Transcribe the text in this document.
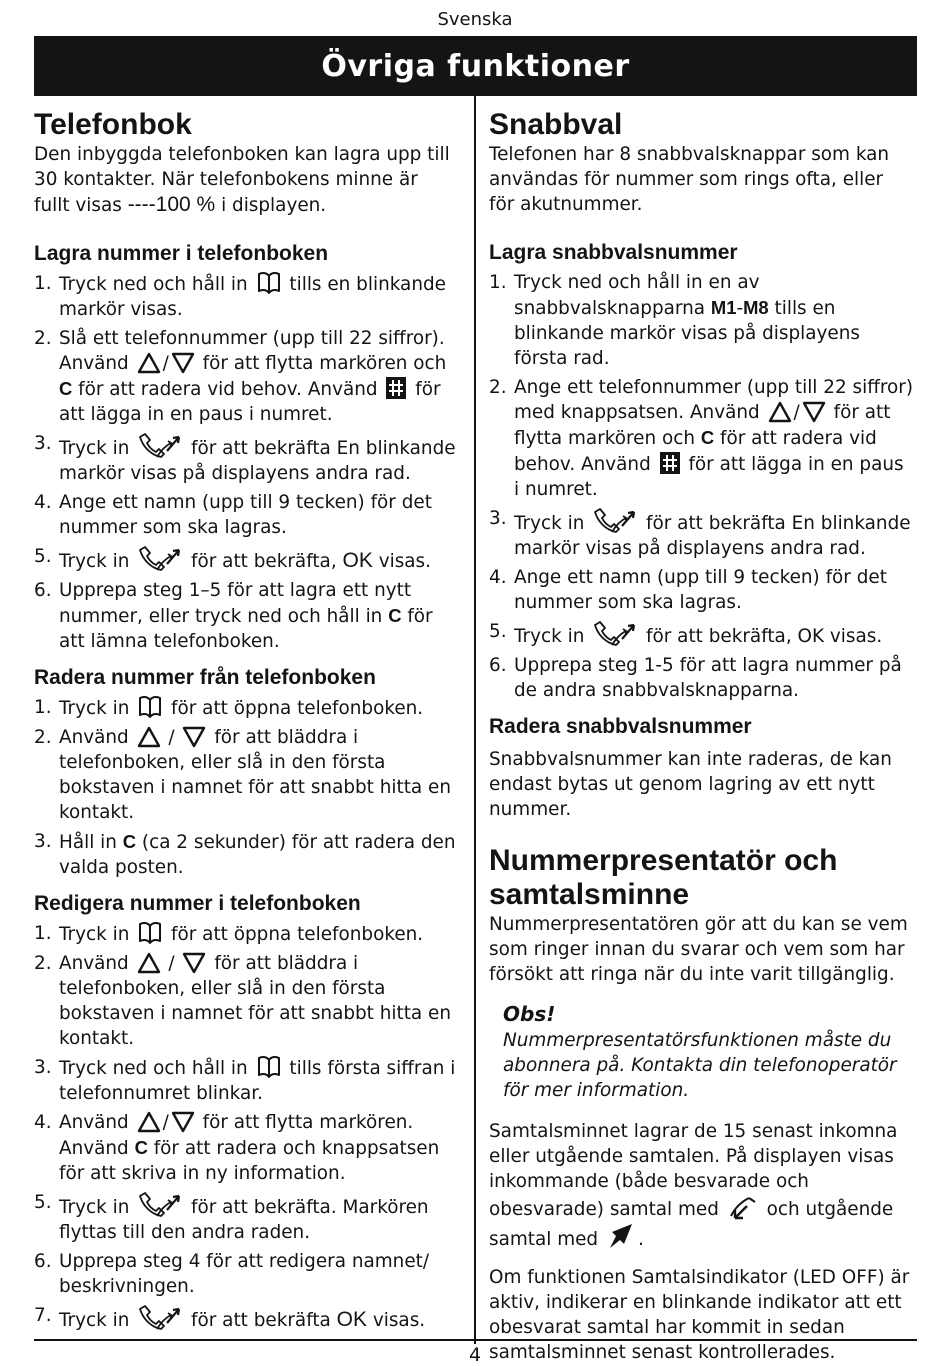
Svenska
Övriga funktioner
Telefonbok

Den inbyggda telefonboken kan lagra upp till 30 kontakter. När telefonbokens minne är fullt visas ----100 % i displayen.

Lagra nummer i telefonboken
1. Tryck ned och håll in
tills en blinkande markör visas.
2. Slå ett telefonnummer (upp till 22 siffror). Använd
/
för att flytta markören och C för att radera vid behov. Använd
för att lägga in en paus i numret.
3. Tryck in	för att bekräfta En blinkande markör visas på displayens andra rad.
4. Ange ett namn (upp till 9 tecken) för det nummer som ska lagras.
5. Tryck in	för att bekräfta, OK visas.
6. Upprepa steg 1–5 för att lagra ett nytt nummer, eller tryck ned och håll in C för att lämna telefonboken.
Radera nummer från telefonboken
1. Tryck in
för att öppna telefonboken.
2. Använd
/
för att bläddra i telefonboken, eller slå in den första bokstaven i namnet för att snabbt hitta en kontakt.
3. Håll in C (ca 2 sekunder) för att radera den valda posten.
Redigera nummer i telefonboken
1. Tryck in
för att öppna telefonboken.
2. Använd
/
för att bläddra i telefonboken, eller slå in den första bokstaven i namnet för att snabbt hitta en kontakt.
3. Tryck ned och håll in
tills första siffran i telefonnumret blinkar.
4. Använd
/
för att flytta markören. Använd C för att radera och knappsatsen för att skriva in ny information.
5. Tryck in	för att bekräfta. Markören flyttas till den andra raden.
6. Upprepa steg 4 för att redigera namnet/ beskrivningen.
7. Tryck in	för att bekräfta OK visas.
Snabbval

Telefonen har 8 snabbvalsknappar som kan användas för nummer som rings ofta, eller för akutnummer.

Lagra snabbvalsnummer
1. Tryck ned och håll in en av snabbvalsknapparna M1-M8 tills en blinkande markör visas på displayens första rad.
2. Ange ett telefonnummer (upp till 22 siffror) med knappsatsen. Använd
/
för att flytta markören och C för att radera vid behov. Använd
för att lägga in en paus i numret.
3. Tryck in	för att bekräfta En blinkande markör visas på displayens andra rad.
4. Ange ett namn (upp till 9 tecken) för det nummer som ska lagras.
5. Tryck in	för att bekräfta, OK visas.
6. Upprepa steg 1-5 för att lagra nummer på de andra snabbvalsknapparna.
Radera snabbvalsnummer

Snabbvalsnummer kan inte raderas, de kan endast bytas ut genom lagring av ett nytt nummer.

Nummerpresentatör och samtalsminne

Nummerpresentatören gör att du kan se vem som ringer innan du svarar och vem som har försökt att ringa när du inte varit tillgänglig.

Obs!
Nummerpresentatörsfunktionen måste du abonnera på. Kontakta din telefonoperatör för mer information.

Samtalsminnet lagrar de 15 senast inkomna eller utgående samtalen. På displayen visas inkommande (både besvarade och obesvarade) samtal med
och utgående samtal med
.

Om funktionen Samtalsindikator (LED OFF) är aktiv, indikerar en blinkande indikator att ett obesvarat samtal har kommit in sedan samtalsminnet senast kontrollerades.

4
